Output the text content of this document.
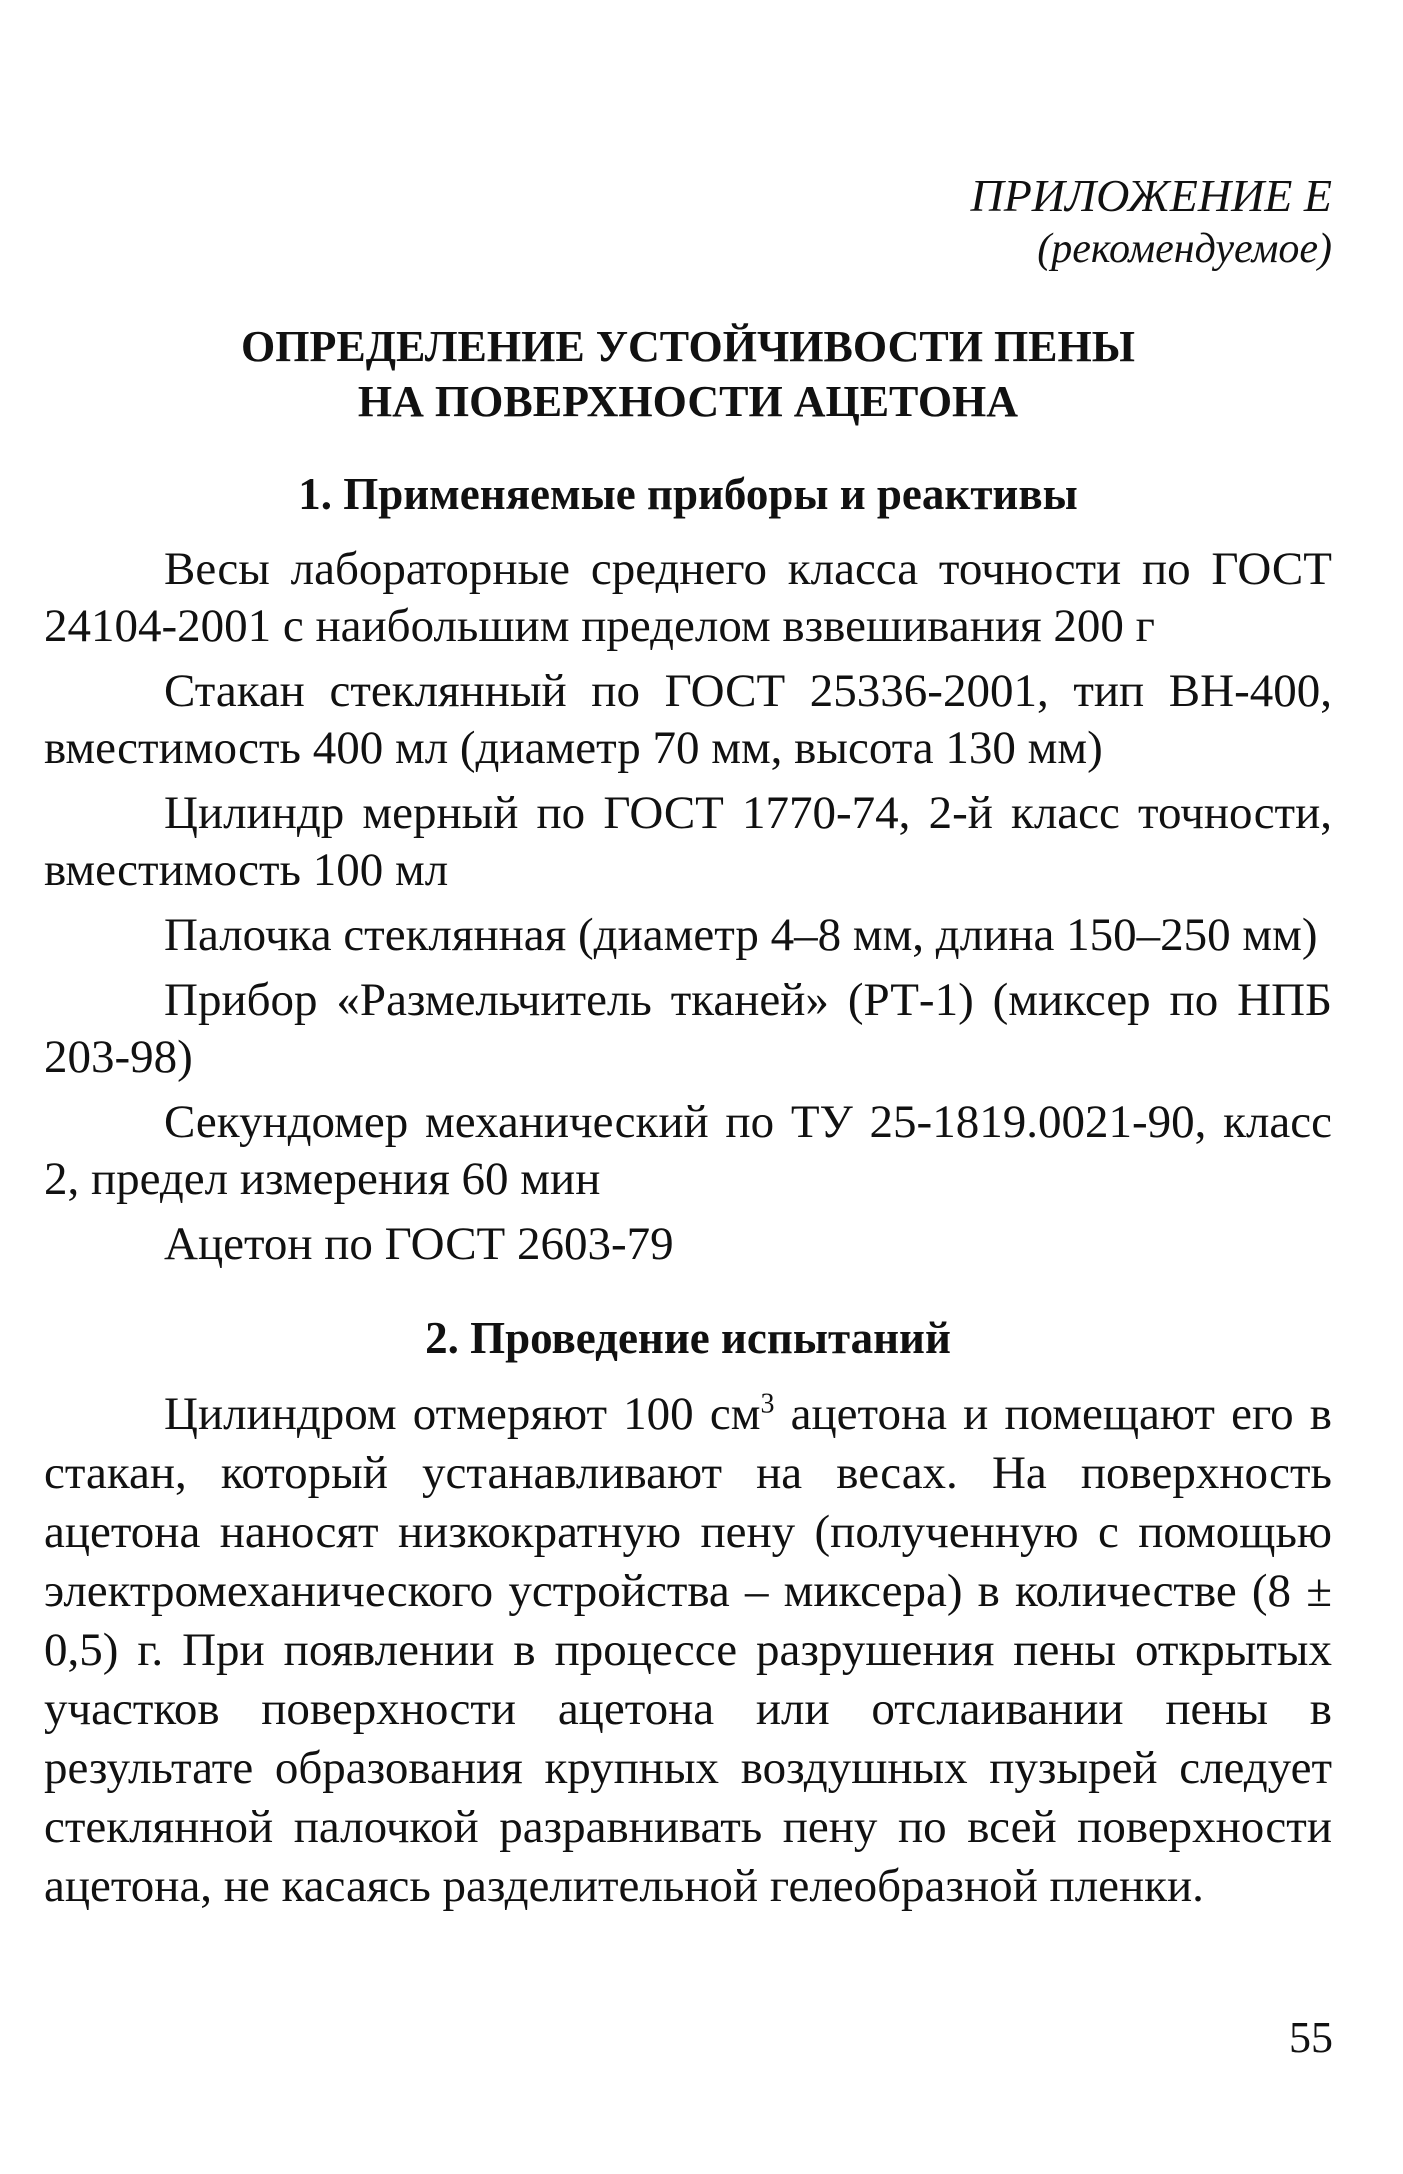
ПРИЛОЖЕНИЕ Е
(рекомендуемое)
ОПРЕДЕЛЕНИЕ УСТОЙЧИВОСТИ ПЕНЫ
НА ПОВЕРХНОСТИ АЦЕТОНА
1. Применяемые приборы и реактивы

Весы лабораторные среднего класса точности по ГОСТ 24104-2001 с наибольшим пределом взвешивания 200 г

Стакан стеклянный по ГОСТ 25336-2001, тип ВН-400, вместимость 400 мл (диаметр 70 мм, высота 130 мм)

Цилиндр мерный по ГОСТ 1770-74, 2-й класс точности, вместимость 100 мл

Палочка стеклянная (диаметр 4–8 мм, длина 150–250 мм)

Прибор «Размельчитель тканей» (РТ-1) (миксер по НПБ 203-98)

Секундомер механический по ТУ 25-1819.0021-90, класс 2, предел измерения 60 мин

Ацетон по ГОСТ 2603-79

2. Проведение испытаний

Цилиндром отмеряют 100 $см^3$ ацетона и помещают его в стакан, который устанавливают на весах. На поверхность ацетона наносят низкократную пену (полученную с помощью электромеханического устройства – миксера) в количестве (8 ± 0,5) г. При появлении в процессе разрушения пены открытых участков поверхности ацетона или отслаивании пены в результате образования крупных воздушных пузырей следует стеклянной палочкой разравнивать пену по всей поверхности ацетона, не касаясь разделительной гелеобразной пленки.

55
